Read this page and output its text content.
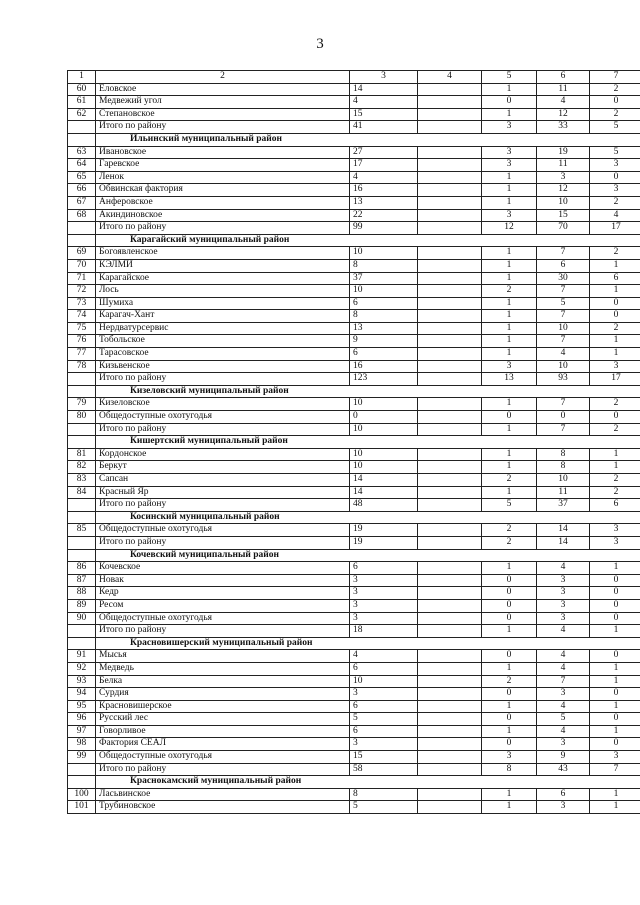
3
1	2	3	4	5	6	7
60	Еловское	14		1	11	2
61	Медвежий угол	4		0	4	0
62	Степановское	15		1	12	2
	Итого по району	41		3	33	5
	Ильинский муниципальный район					
63	Ивановское	27		3	19	5
64	Гаревское	17		3	11	3
65	Ленок	4		1	3	0
66	Обвинская фактория	16		1	12	3
67	Анферовское	13		1	10	2
68	Акиндиновское	22		3	15	4
	Итого по району	99		12	70	17
	Карагайский муниципальный район					
69	Богоявленское	10		1	7	2
70	КЭЛМИ	8		1	6	1
71	Карагайское	37		1	30	6
72	Лось	10		2	7	1
73	Шумиха	6		1	5	0
74	Карагач-Хант	8		1	7	0
75	Нердватурсервис	13		1	10	2
76	Тобольское	9		1	7	1
77	Тарасовское	6		1	4	1
78	Кизьвенское	16		3	10	3
	Итого по району	123		13	93	17
	Кизеловский муниципальный район					
79	Кизеловское	10		1	7	2
80	Общедоступные охотугодья	0		0	0	0
	Итого по району	10		1	7	2
	Кишертский муниципальный район					
81	Кордонское	10		1	8	1
82	Беркут	10		1	8	1
83	Сапсан	14		2	10	2
84	Красный Яр	14		1	11	2
	Итого по району	48		5	37	6
	Косинский муниципальный район					
85	Общедоступные охотугодья	19		2	14	3
	Итого по району	19		2	14	3
	Кочевский муниципальный район					
86	Кочевское	6		1	4	1
87	Новак	3		0	3	0
88	Кедр	3		0	3	0
89	Ресом	3		0	3	0
90	Общедоступные охотугодья	3		0	3	0
	Итого по району	18		1	4	1
	Красновишерский муниципальный район					
91	Мысья	4		0	4	0
92	Медведь	6		1	4	1
93	Белка	10		2	7	1
94	Сурдия	3		0	3	0
95	Красновишерское	6		1	4	1
96	Русский лес	5		0	5	0
97	Говорливое	6		1	4	1
98	Фактория СЕАЛ	3		0	3	0
99	Общедоступные охотугодья	15		3	9	3
	Итого по району	58		8	43	7
	Краснокамский муниципальный район					
100	Ласьвинское	8		1	6	1
101	Трубиновское	5		1	3	1
